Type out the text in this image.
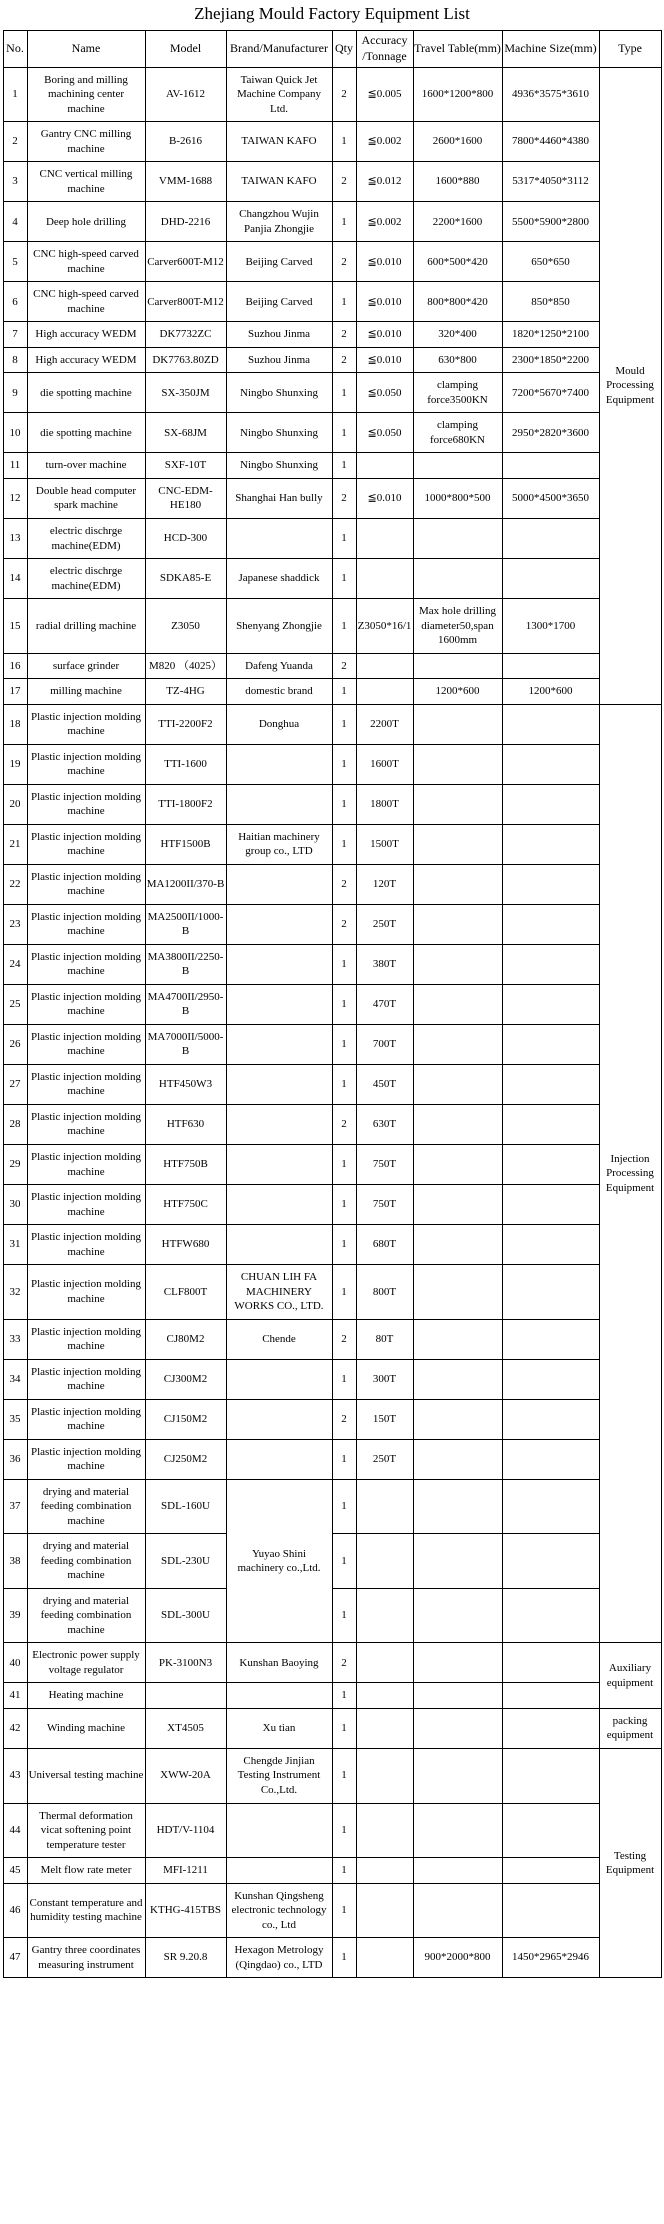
Zhejiang Mould Factory Equipment List
No.	Name	Model	Brand/Manufacturer	Qty	Accuracy /Tonnage	Travel Table(mm)	Machine Size(mm)	Type
1	Boring and milling machining center machine	AV-1612	Taiwan Quick Jet Machine Company Ltd.	2	≦0.005	1600*1200*800	4936*3575*3610	Mould Processing Equipment
2	Gantry CNC milling machine	B-2616	TAIWAN KAFO	1	≦0.002	2600*1600	7800*4460*4380	
3	CNC vertical milling machine	VMM-1688	TAIWAN KAFO	2	≦0.012	1600*880	5317*4050*3112	
4	Deep hole drilling	DHD-2216	Changzhou Wujin Panjia Zhongjie	1	≦0.002	2200*1600	5500*5900*2800	
5	CNC high-speed carved machine	Carver600T-M12	Beijing Carved	2	≦0.010	600*500*420	650*650	
6	CNC high-speed carved machine	Carver800T-M12	Beijing Carved	1	≦0.010	800*800*420	850*850	
7	High accuracy WEDM	DK7732ZC	Suzhou Jinma	2	≦0.010	320*400	1820*1250*2100	
8	High accuracy WEDM	DK7763.80ZD	Suzhou Jinma	2	≦0.010	630*800	2300*1850*2200	
9	die spotting machine	SX-350JM	Ningbo Shunxing	1	≦0.050	clamping force3500KN	7200*5670*7400	
10	die spotting machine	SX-68JM	Ningbo Shunxing	1	≦0.050	clamping force680KN	2950*2820*3600	
11	turn-over machine	SXF-10T	Ningbo Shunxing	1				
12	Double head computer spark machine	CNC-EDM-HE180	Shanghai Han bully	2	≦0.010	1000*800*500	5000*4500*3650	
13	electric dischrge machine(EDM)	HCD-300		1				
14	electric dischrge machine(EDM)	SDKA85-E	Japanese shaddick	1				
15	radial drilling machine	Z3050	Shenyang Zhongjie	1	Z3050*16/1	Max hole drilling diameter50,span 1600mm	1300*1700	
16	surface grinder	M820 （4025）	Dafeng Yuanda	2				
17	milling machine	TZ-4HG	domestic brand	1		1200*600	1200*600	
18	Plastic injection molding machine	TTI-2200F2	Donghua	1	2200T			Injection Processing Equipment
19	Plastic injection molding machine	TTI-1600		1	1600T			
20	Plastic injection molding machine	TTI-1800F2		1	1800T			
21	Plastic injection molding machine	HTF1500B	Haitian machinery group co., LTD	1	1500T			
22	Plastic injection molding machine	MA1200II/370-B		2	120T			
23	Plastic injection molding machine	MA2500II/1000-B		2	250T			
24	Plastic injection molding machine	MA3800II/2250-B		1	380T			
25	Plastic injection molding machine	MA4700II/2950-B		1	470T			
26	Plastic injection molding machine	MA7000II/5000-B		1	700T			
27	Plastic injection molding machine	HTF450W3		1	450T			
28	Plastic injection molding machine	HTF630		2	630T			
29	Plastic injection molding machine	HTF750B		1	750T			
30	Plastic injection molding machine	HTF750C		1	750T			
31	Plastic injection molding machine	HTFW680		1	680T			
32	Plastic injection molding machine	CLF800T	CHUAN LIH FA MACHINERY WORKS CO., LTD.	1	800T			
33	Plastic injection molding machine	CJ80M2	Chende	2	80T			
34	Plastic injection molding machine	CJ300M2		1	300T			
35	Plastic injection molding machine	CJ150M2		2	150T			
36	Plastic injection molding machine	CJ250M2		1	250T			
37	drying and material feeding combination machine	SDL-160U	Yuyao Shini machinery co.,Ltd.	1				
38	drying and material feeding combination machine	SDL-230U		1				
39	drying and material feeding combination machine	SDL-300U		1				
40	Electronic power supply voltage regulator	PK-3100N3	Kunshan Baoying	2				Auxiliary equipment
41	Heating machine			1				
42	Winding machine	XT4505	Xu tian	1				packing equipment
43	Universal testing machine	XWW-20A	Chengde Jinjian Testing Instrument Co.,Ltd.	1				Testing Equipment
44	Thermal deformation vicat softening point temperature tester	HDT/V-1104		1				
45	Melt flow rate meter	MFI-1211		1				
46	Constant temperature and humidity testing machine	KTHG-415TBS	Kunshan Qingsheng electronic technology co., Ltd	1				
47	Gantry three coordinates measuring instrument	SR 9.20.8	Hexagon Metrology (Qingdao) co., LTD	1		900*2000*800	1450*2965*2946	
